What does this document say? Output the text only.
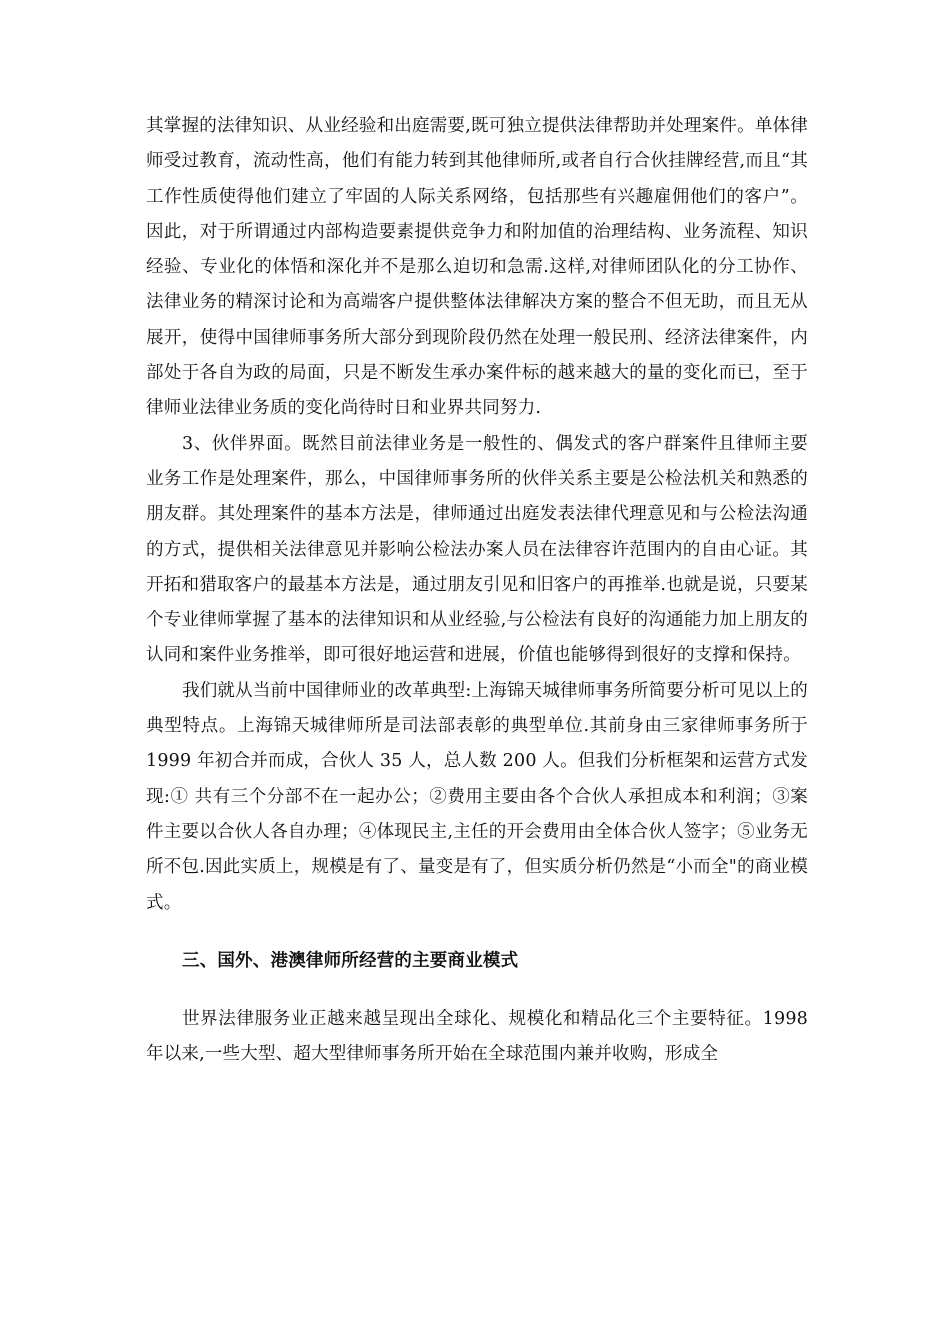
其掌握的法律知识、从业经验和出庭需要,既可独立提供法律帮助并处理案件。单体律师受过教育，流动性高，他们有能力转到其他律师所,或者自行合伙挂牌经营,而且“其工作性质使得他们建立了牢固的人际关系网络，包括那些有兴趣雇佣他们的客户”。因此，对于所谓通过内部构造要素提供竞争力和附加值的治理结构、业务流程、知识经验、专业化的体悟和深化并不是那么迫切和急需.这样,对律师团队化的分工协作、法律业务的精深讨论和为高端客户提供整体法律解决方案的整合不但无助，而且无从展开，使得中国律师事务所大部分到现阶段仍然在处理一般民刑、经济法律案件，内部处于各自为政的局面，只是不断发生承办案件标的越来越大的量的变化而已，至于律师业法律业务质的变化尚待时日和业界共同努力.

3、伙伴界面。既然目前法律业务是一般性的、偶发式的客户群案件且律师主要业务工作是处理案件，那么，中国律师事务所的伙伴关系主要是公检法机关和熟悉的朋友群。其处理案件的基本方法是，律师通过出庭发表法律代理意见和与公检法沟通的方式，提供相关法律意见并影响公检法办案人员在法律容许范围内的自由心证。其开拓和猎取客户的最基本方法是，通过朋友引见和旧客户的再推举.也就是说，只要某个专业律师掌握了基本的法律知识和从业经验,与公检法有良好的沟通能力加上朋友的认同和案件业务推举，即可很好地运营和进展，价值也能够得到很好的支撑和保持。

我们就从当前中国律师业的改革典型:上海锦天城律师事务所简要分析可见以上的典型特点。上海锦天城律师所是司法部表彰的典型单位.其前身由三家律师事务所于 1999 年初合并而成，合伙人 35 人，总人数 200 人。但我们分析框架和运营方式发现:① 共有三个分部不在一起办公；②费用主要由各个合伙人承担成本和利润；③案件主要以合伙人各自办理；④体现民主,主任的开会费用由全体合伙人签字；⑤业务无所不包.因此实质上，规模是有了、量变是有了，但实质分析仍然是“小而全"的商业模式。

三、国外、港澳律师所经营的主要商业模式

世界法律服务业正越来越呈现出全球化、规模化和精品化三个主要特征。1998 年以来,一些大型、超大型律师事务所开始在全球范围内兼并收购，形成全
